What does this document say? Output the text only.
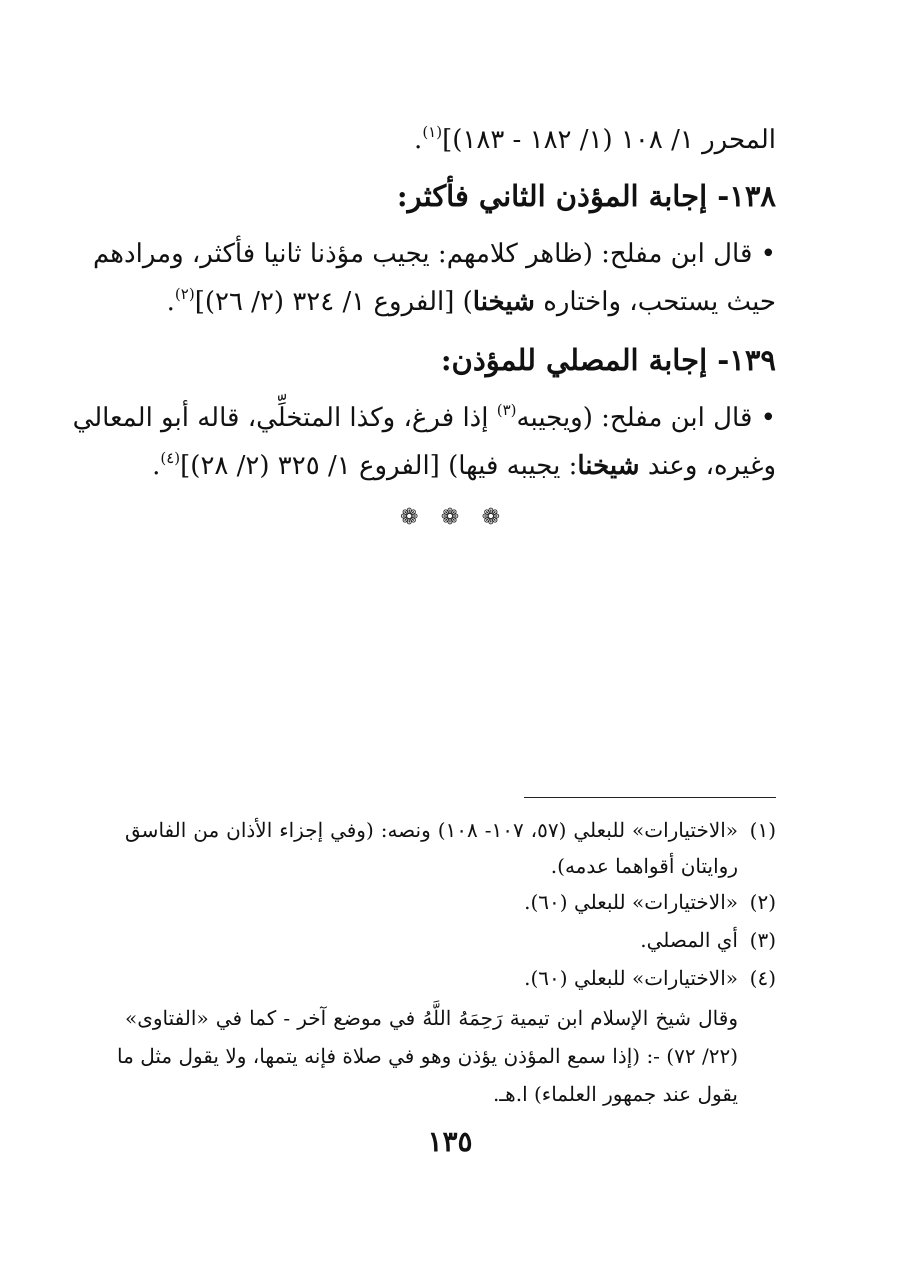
المحرر ١/ ١٠٨ (١/ ١٨٢ - ١٨٣)]$^{(١)}$.
١٣٨- إجابة المؤذن الثاني فأكثر:
• قال ابن مفلح: (ظاهر كلامهم: يجيب مؤذنا ثانيا فأكثر، ومرادهم
حيث يستحب، واختاره شيخنا) [الفروع ١/ ٣٢٤ (٢/ ٢٦)]$^{(٢)}$.
١٣٩- إجابة المصلي للمؤذن:
• قال ابن مفلح: (ويجيبه$^{(٣)}$ إذا فرغ، وكذا المتخلِّي، قاله أبو المعالي
وغيره، وعند شيخنا: يجيبه فيها) [الفروع ١/ ٣٢٥ (٢/ ٢٨)]$^{(٤)}$.
❁ ❁ ❁
(١)«الاختيارات» للبعلي (٥٧، ١٠٧- ١٠٨) ونصه: (وفي إجزاء الأذان من الفاسق
روايتان أقواهما عدمه).
(٢)«الاختيارات» للبعلي (٦٠).
(٣)أي المصلي.
(٤)«الاختيارات» للبعلي (٦٠).
وقال شيخ الإسلام ابن تيمية رَحِمَهُ اللَّهُ في موضع آخر - كما في «الفتاوى»
(٢٢/ ٧٢) -: (إذا سمع المؤذن يؤذن وهو في صلاة فإنه يتمها، ولا يقول مثل ما
يقول عند جمهور العلماء) ا.هـ.
١٣٥
